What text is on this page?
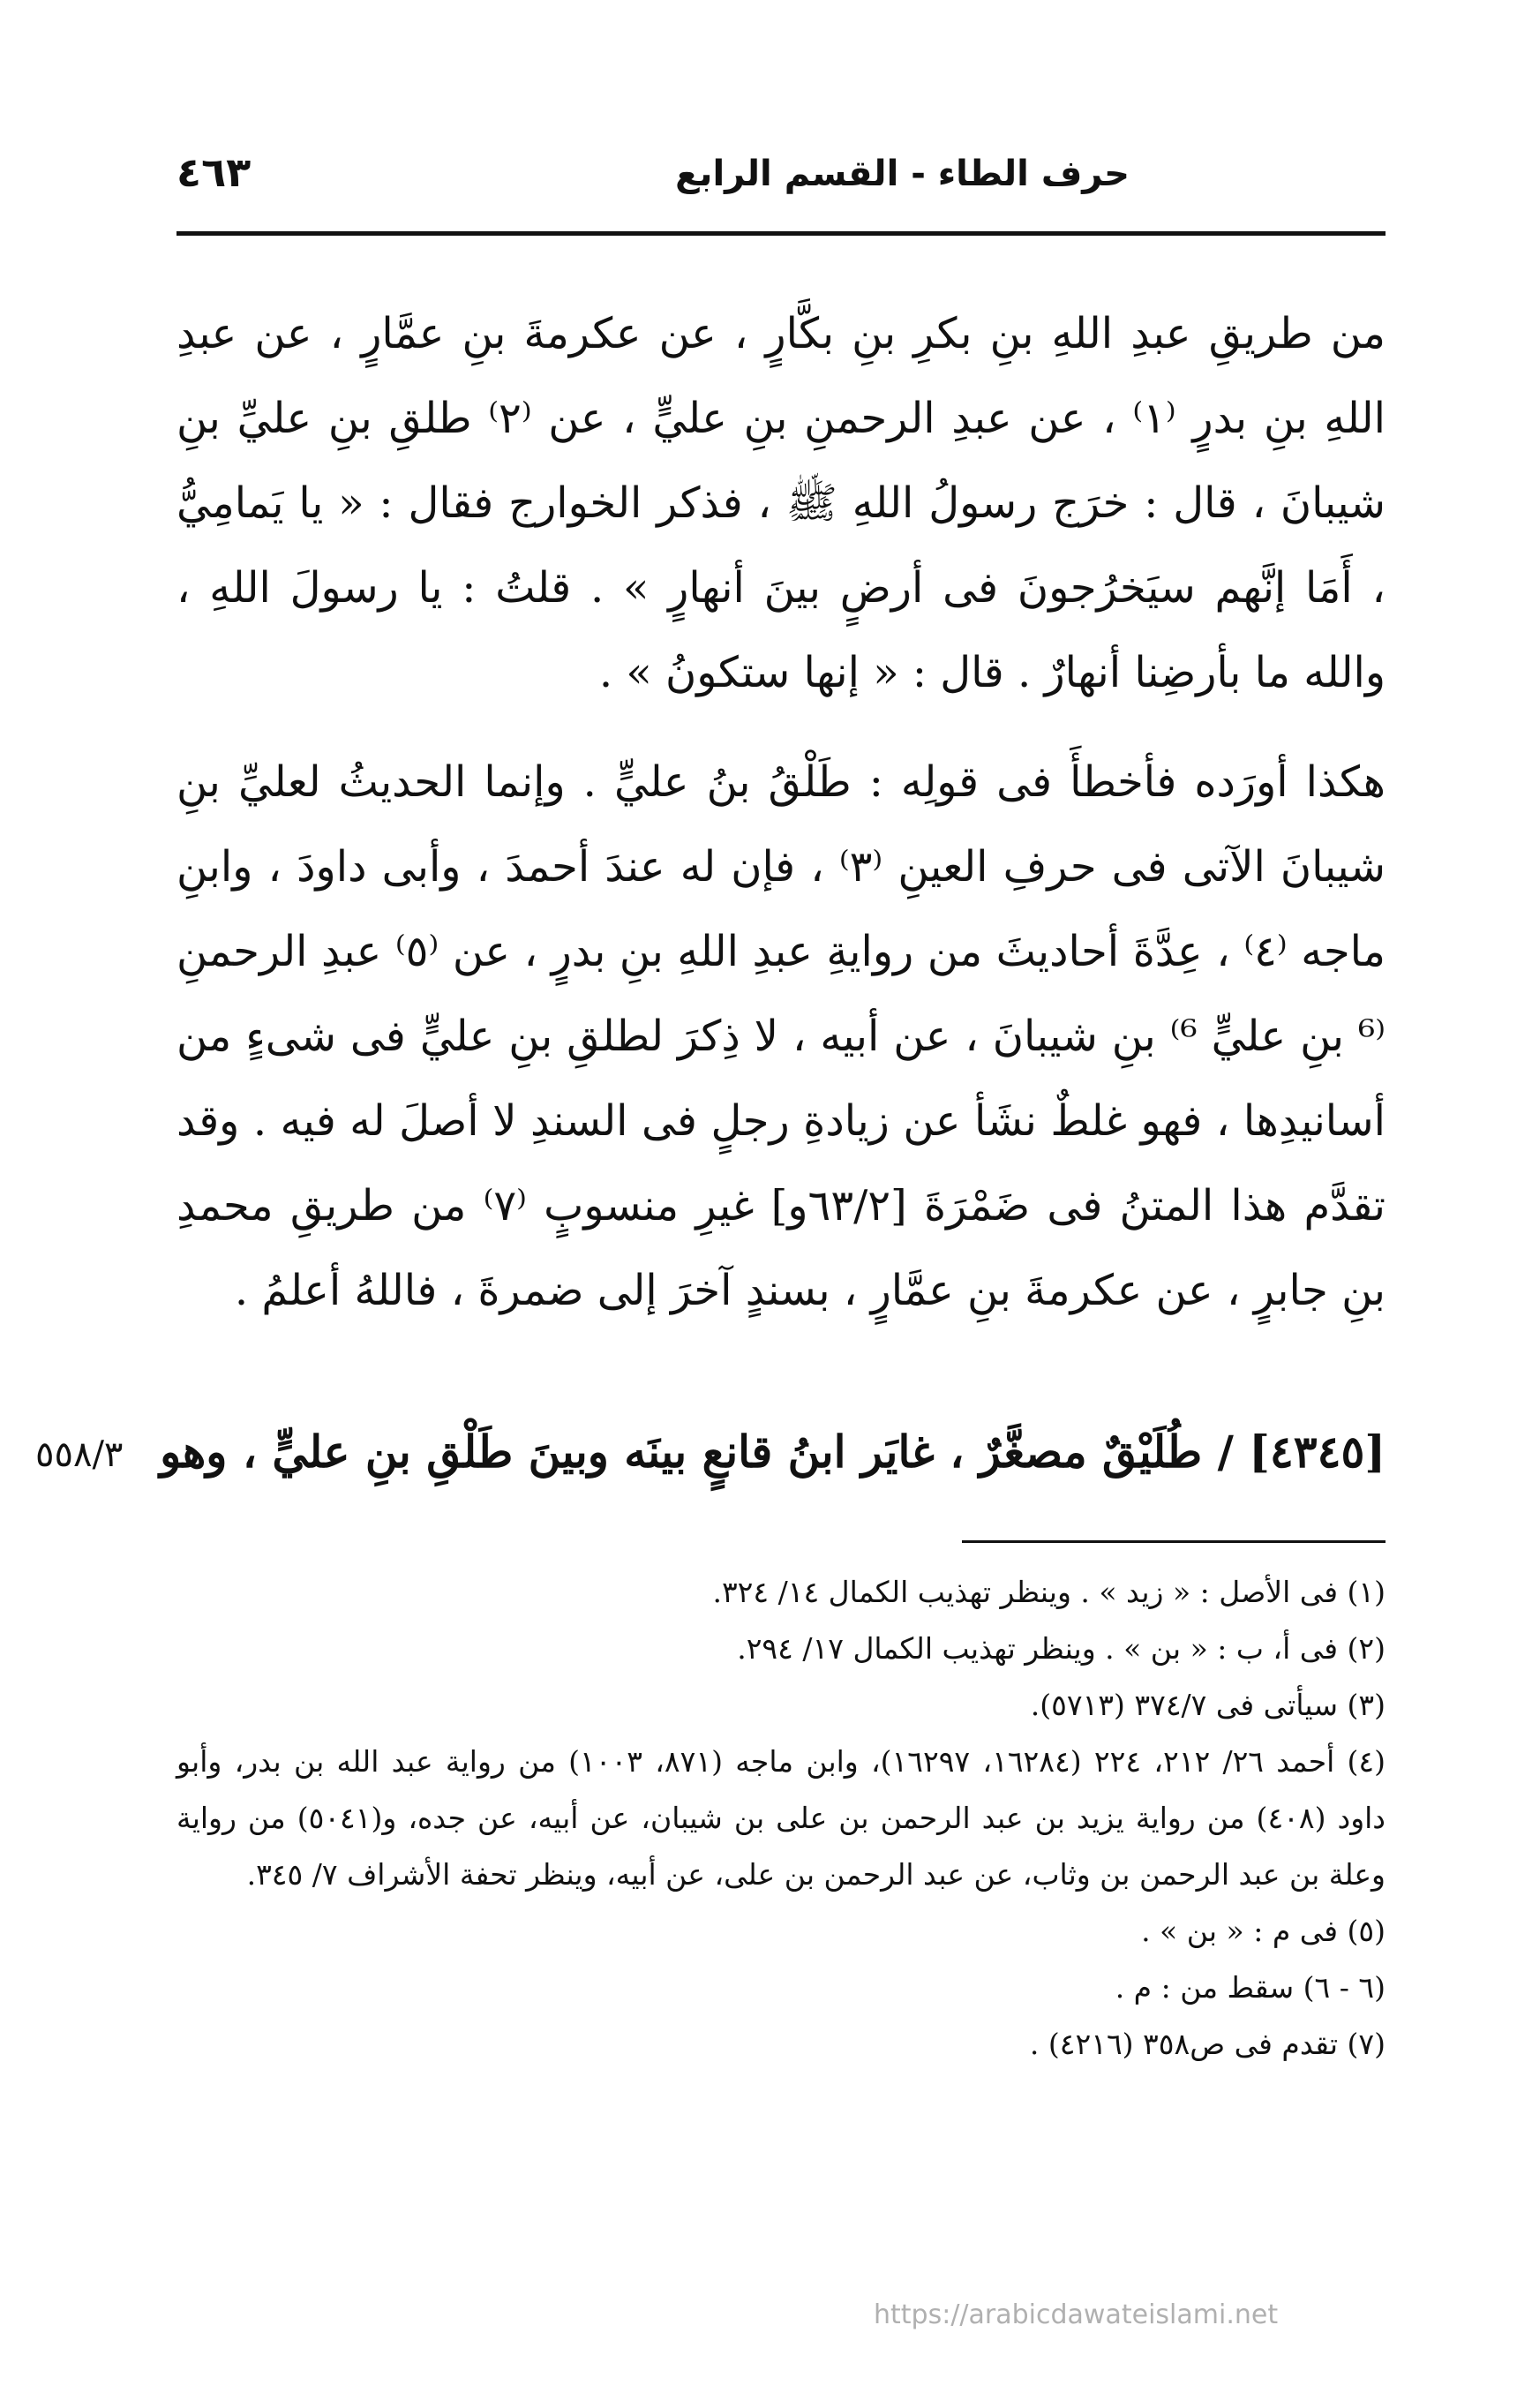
حرف الطاء - القسم الرابع
٤٦٣

من طريقِ عبدِ اللهِ بنِ بكرِ بنِ بكَّارٍ ، عن عكرمةَ بنِ عمَّارٍ ، عن عبدِ اللهِ بنِ بدرٍ ⁽١⁾ ، عن عبدِ الرحمنِ بنِ عليٍّ ، عن ⁽٢⁾ طلقِ بنِ عليِّ بنِ شيبانَ ، قال : خرَج رسولُ اللهِ ﷺ ، فذكر الخوارج فقال : « يا يَمامِيُّ ، أَمَا إنَّهم سيَخرُجونَ فى أرضٍ بينَ أنهارٍ » . قلتُ : يا رسولَ اللهِ ، والله ما بأرضِنا أنهارٌ . قال : « إنها ستكونُ » .

هكذا أورَده فأخطأَ فى قولِه : طَلْقُ بنُ عليٍّ . وإنما الحديثُ لعليِّ بنِ شيبانَ الآتى فى حرفِ العينِ ⁽٣⁾ ، فإن له عندَ أحمدَ ، وأبى داودَ ، وابنِ ماجه ⁽٤⁾ ، عِدَّةَ أحاديثَ من روايةِ عبدِ اللهِ بنِ بدرٍ ، عن ⁽٥⁾ عبدِ الرحمنِ ⁽⁶ بنِ عليٍّ ⁶⁾ بنِ شيبانَ ، عن أبيه ، لا ذِكرَ لطلقِ بنِ عليٍّ فى شىءٍ من أسانيدِها ، فهو غلطٌ نشَأ عن زيادةِ رجلٍ فى السندِ لا أصلَ له فيه . وقد تقدَّم هذا المتنُ فى ضَمْرَةَ [٦٣/٢و] غيرِ منسوبٍ ⁽٧⁾ من طريقِ محمدِ بنِ جابرٍ ، عن عكرمةَ بنِ عمَّارٍ ، بسندٍ آخرَ إلى ضمرةَ ، فاللهُ أعلمُ .

[٤٣٤٥] / طُلَيْقٌ مصغَّرٌ ، غايَر ابنُ قانعٍ بينَه وبينَ طَلْقِ بنِ عليٍّ ، وهو
٥٥٨/٣
(١) فى الأصل : « زيد » . وينظر تهذيب الكمال ١٤/ ٣٢٤.
(٢) فى أ، ب : « بن » . وينظر تهذيب الكمال ١٧/ ٢٩٤.
(٣) سيأتى فى ٣٧٤/٧ (٥٧١٣).
(٤) أحمد ٢٦/ ٢١٢، ٢٢٤ (١٦٢٨٤، ١٦٢٩٧)، وابن ماجه (٨٧١، ١٠٠٣) من رواية عبد الله بن بدر، وأبو داود (٤٠٨) من رواية يزيد بن عبد الرحمن بن على بن شيبان، عن أبيه، عن جده، و(٥٠٤١) من رواية وعلة بن عبد الرحمن بن وثاب، عن عبد الرحمن بن على، عن أبيه، وينظر تحفة الأشراف ٧/ ٣٤٥.
(٥) فى م : « بن » .
(٦ - ٦) سقط من : م .
(٧) تقدم فى ص٣٥٨ (٤٢١٦) .
https://arabicdawateislami.net
